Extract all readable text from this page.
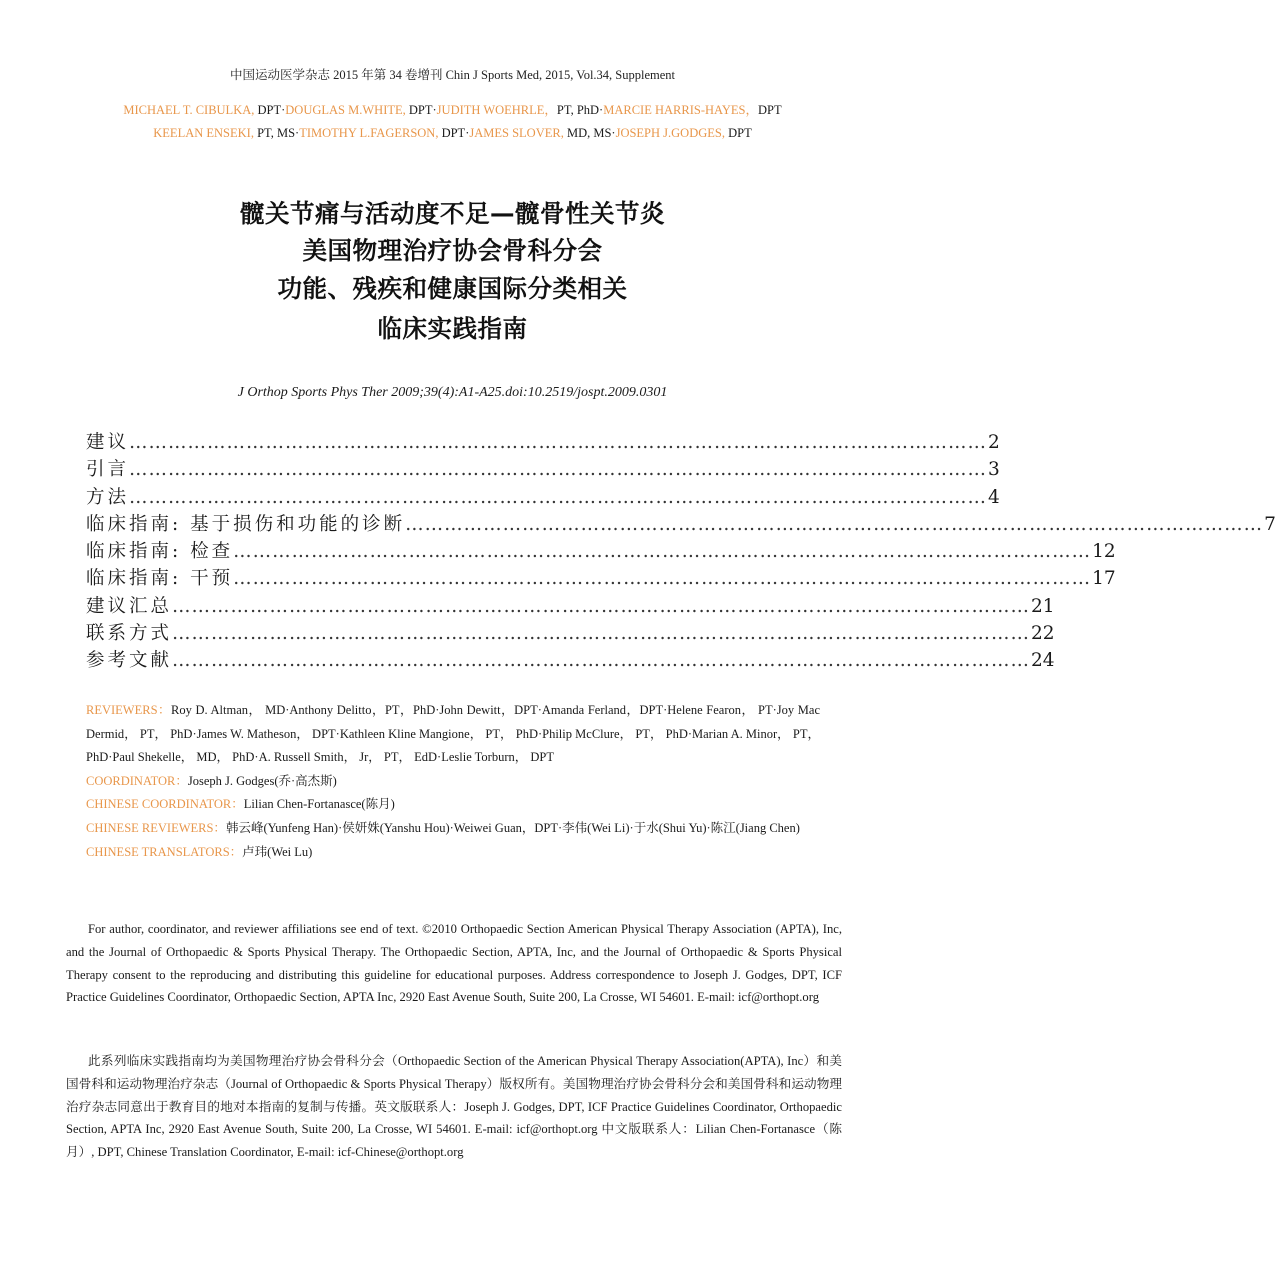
中国运动医学杂志 2015 年第 34 卷增刊 Chin J Sports Med, 2015, Vol.34, Supplement
MICHAEL T. CIBULKA, DPT·DOUGLAS M.WHITE, DPT·JUDITH WOEHRLE，PT, PhD·MARCIE HARRIS-HAYES，DPT
KEELAN ENSEKI, PT, MS·TIMOTHY L.FAGERSON, DPT·JAMES SLOVER, MD, MS·JOSEPH J.GODGES, DPT
髋关节痛与活动度不足—髋骨性关节炎
美国物理治疗协会骨科分会
功能、残疾和健康国际分类相关
临床实践指南
J Orthop Sports Phys Ther 2009;39(4):A1-A25.doi:10.2519/jospt.2009.0301
建议 …………………………………………………………………………………………………………………… 2
引言 …………………………………………………………………………………………………………………… 3
方法 …………………………………………………………………………………………………………………… 4
临床指南: 基于损伤和功能的诊断 …………………………………………………………………………………………………………………… 7
临床指南: 检查 …………………………………………………………………………………………………………………… 12
临床指南: 干预 …………………………………………………………………………………………………………………… 17
建议汇总 …………………………………………………………………………………………………………………… 21
联系方式 …………………………………………………………………………………………………………………… 22
参考文献 …………………………………………………………………………………………………………………… 24

REVIEWERS：Roy D. Altman， MD·Anthony Delitto，PT，PhD·John Dewitt，DPT·Amanda Ferland，DPT·Helene Fearon， PT·Joy Mac Dermid， PT， PhD·James W. Matheson， DPT·Kathleen Kline Mangione， PT， PhD·Philip McClure， PT， PhD·Marian A. Minor， PT， PhD·Paul Shekelle， MD， PhD·A. Russell Smith， Jr， PT， EdD·Leslie Torburn， DPT

COORDINATOR：Joseph J. Godges(乔·高杰斯)

CHINESE COORDINATOR：Lilian Chen-Fortanasce(陈月)

CHINESE REVIEWERS：韩云峰(Yunfeng Han)·侯妍姝(Yanshu Hou)·Weiwei Guan，DPT·李伟(Wei Li)·于水(Shui Yu)·陈江(Jiang Chen)

CHINESE TRANSLATORS：卢玮(Wei Lu)

For author, coordinator, and reviewer affiliations see end of text. ©2010 Orthopaedic Section American Physical Therapy Association (APTA), Inc, and the Journal of Orthopaedic & Sports Physical Therapy. The Orthopaedic Section, APTA, Inc, and the Journal of Orthopaedic & Sports Physical Therapy consent to the reproducing and distributing this guideline for educational purposes. Address correspondence to Joseph J. Godges, DPT, ICF Practice Guidelines Coordinator, Orthopaedic Section, APTA Inc, 2920 East Avenue South, Suite 200, La Crosse, WI 54601. E-mail: icf@orthopt.org

此系列临床实践指南均为美国物理治疗协会骨科分会（Orthopaedic Section of the American Physical Therapy Association(APTA), Inc）和美国骨科和运动物理治疗杂志（Journal of Orthopaedic & Sports Physical Therapy）版权所有。美国物理治疗协会骨科分会和美国骨科和运动物理治疗杂志同意出于教育目的地对本指南的复制与传播。英文版联系人：Joseph J. Godges, DPT, ICF Practice Guidelines Coordinator, Orthopaedic Section, APTA Inc, 2920 East Avenue South, Suite 200, La Crosse, WI 54601. E-mail: icf@orthopt.org 中文版联系人：Lilian Chen-Fortanasce（陈月）, DPT, Chinese Translation Coordinator, E-mail: icf-Chinese@orthopt.org
